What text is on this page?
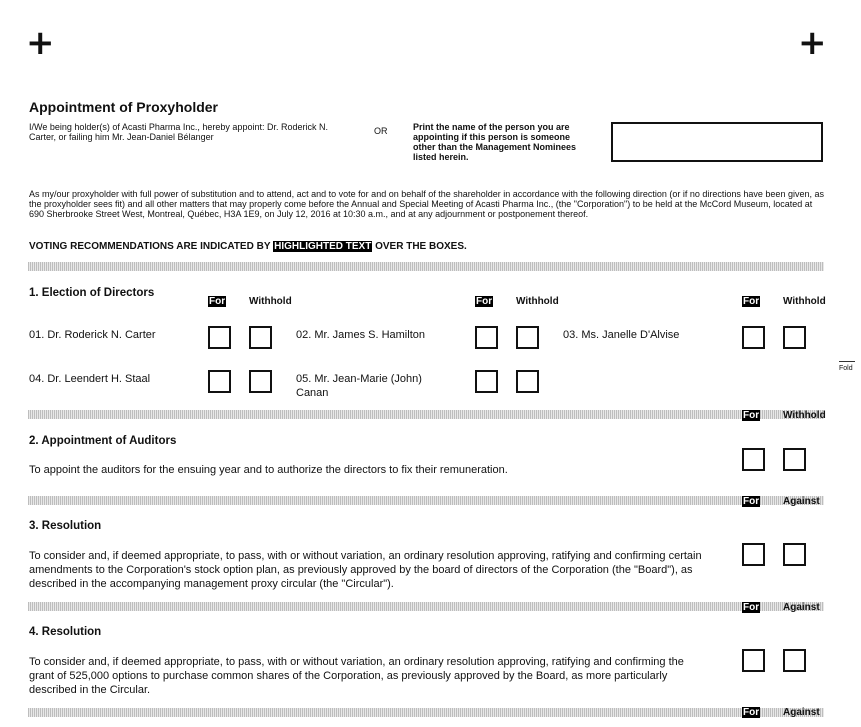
+	+
Appointment of Proxyholder
I/We being holder(s) of Acasti Pharma Inc., hereby appoint: Dr. Roderick N. Carter, or failing him Mr. Jean-Daniel Bélanger
OR	Print the name of the person you are appointing if this person is someone other than the Management Nominees listed herein.
As my/our proxyholder with full power of substitution and to attend, act and to vote for and on behalf of the shareholder in accordance with the following direction (or if no directions have been given, as the proxyholder sees fit) and all other matters that may properly come before the Annual and Special Meeting of Acasti Pharma Inc., (the "Corporation") to be held at the McCord Museum, located at 690 Sherbrooke Street West, Montreal, Québec, H3A 1E9, on July 12, 2016 at 10:30 a.m., and at any adjournment or postponement thereof.
VOTING RECOMMENDATIONS ARE INDICATED BY HIGHLIGHTED TEXT OVER THE BOXES.
1. Election of Directors
For Withhold	For Withhold	For Withhold
01. Dr. Roderick N. Carter	02. Mr. James S. Hamilton	03. Ms. Janelle D'Alvise
04. Dr. Leendert H. Staal	05. Mr. Jean-Marie (John) Canan
Fold
For Withhold
2. Appointment of Auditors
To appoint the auditors for the ensuing year and to authorize the directors to fix their remuneration.
For Against
3. Resolution
To consider and, if deemed appropriate, to pass, with or without variation, an ordinary resolution approving, ratifying and confirming certain amendments to the Corporation's stock option plan, as previously approved by the board of directors of the Corporation (the "Board"), as described in the accompanying management proxy circular (the "Circular").
For Against
4. Resolution
To consider and, if deemed appropriate, to pass, with or without variation, an ordinary resolution approving, ratifying and confirming the grant of 525,000 options to purchase common shares of the Corporation, as previously approved by the Board, as more particularly described in the Circular.
For Against
